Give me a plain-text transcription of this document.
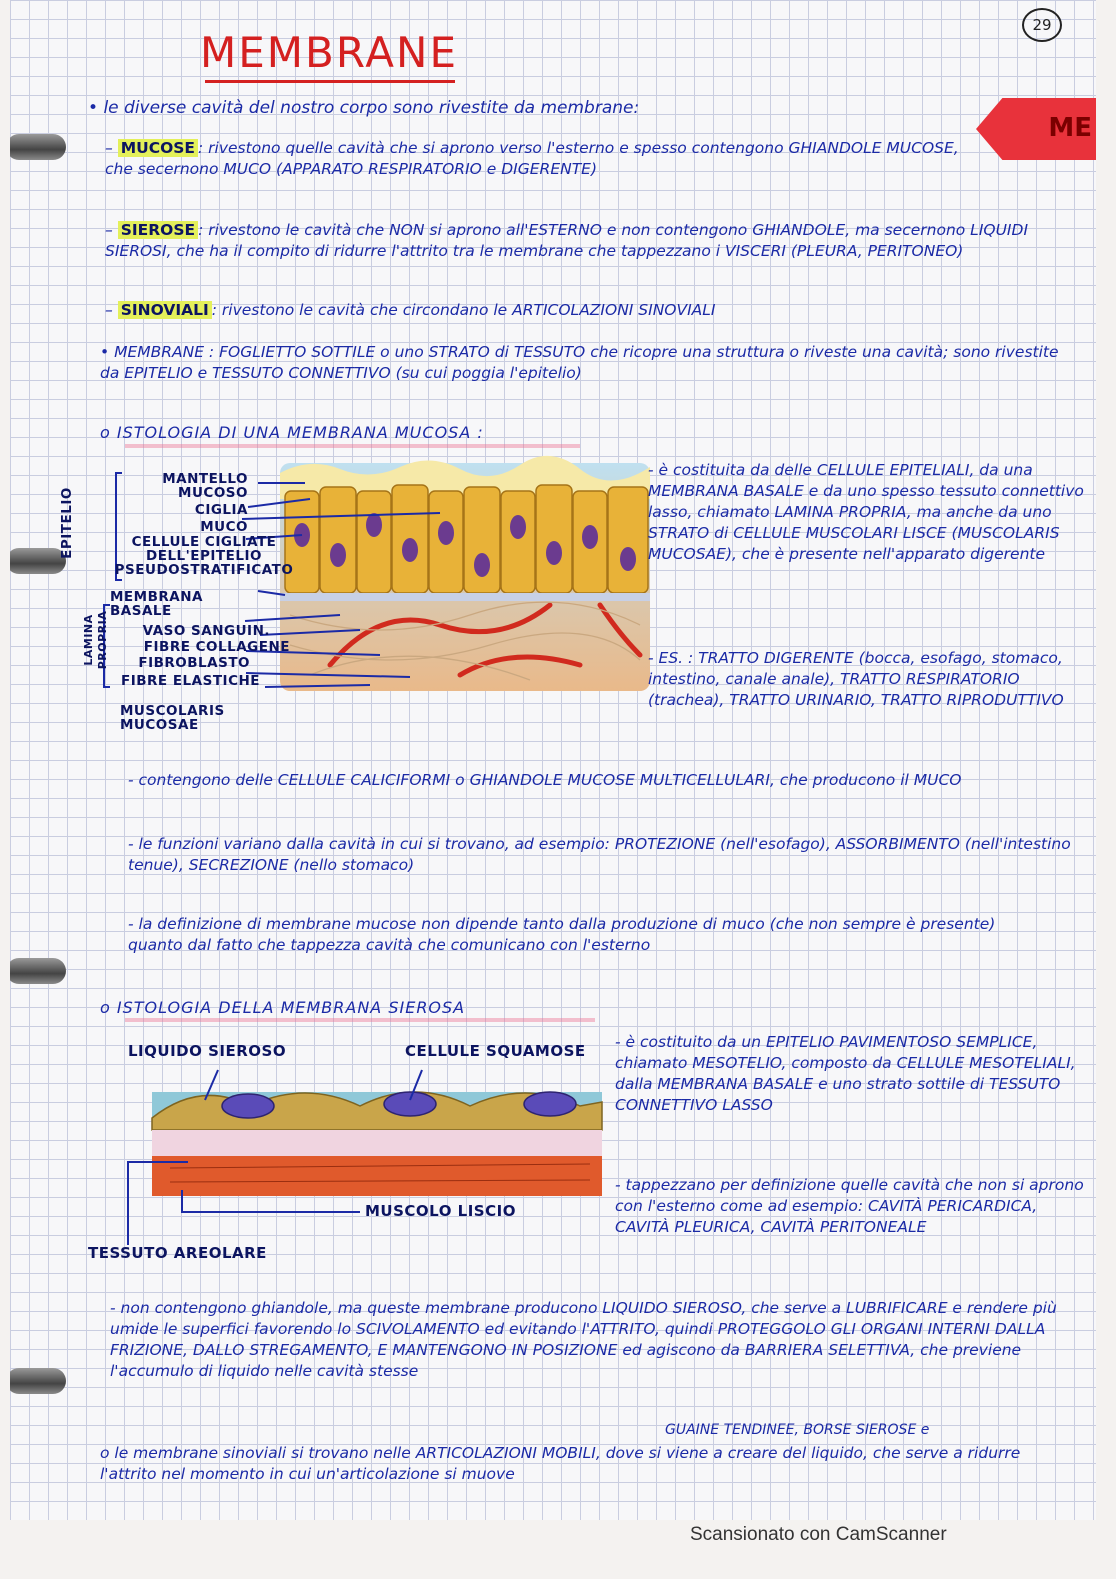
29
ME
MEMBRANE
• le diverse cavità del nostro corpo sono rivestite da membrane:
– MUCOSE : rivestono quelle cavità che si aprono verso l'esterno e spesso contengono GHIANDOLE MUCOSE, che secernono MUCO (APPARATO RESPIRATORIO e DIGERENTE)
– SIEROSE : rivestono le cavità che NON si aprono all'ESTERNO e non contengono GHIANDOLE, ma secernono LIQUIDI SIEROSI, che ha il compito di ridurre l'attrito tra le membrane che tappezzano i VISCERI (PLEURA, PERITONEO)
– SINOVIALI : rivestono le cavità che circondano le ARTICOLAZIONI SINOVIALI
• MEMBRANE : FOGLIETTO SOTTILE o uno STRATO di TESSUTO che ricopre una struttura o riveste una cavità; sono rivestite da EPITELIO e TESSUTO CONNETTIVO (su cui poggia l'epitelio)
o ISTOLOGIA DI UNA MEMBRANA MUCOSA :
MANTELLO MUCOSO
CIGLIA
MUCO
CELLULE CIGLIATE DELL'EPITELIO PSEUDOSTRATIFICATO
MEMBRANA BASALE
VASO SANGUIN.
FIBRE COLLAGENE
FIBROBLASTO
FIBRE ELASTICHE
MUSCOLARIS MUCOSAE
EPITELIO
LAMINA PROPRIA
- è costituita da delle CELLULE EPITELIALI, da una MEMBRANA BASALE e da uno spesso tessuto connettivo lasso, chiamato LAMINA PROPRIA, ma anche da uno STRATO di CELLULE MUSCOLARI LISCE (MUSCOLARIS MUCOSAE), che è presente nell'apparato digerente
- ES. : TRATTO DIGERENTE (bocca, esofago, stomaco, intestino, canale anale), TRATTO RESPIRATORIO (trachea), TRATTO URINARIO, TRATTO RIPRODUTTIVO
- contengono delle CELLULE CALICIFORMI o GHIANDOLE MUCOSE MULTICELLULARI, che producono il MUCO
- le funzioni variano dalla cavità in cui si trovano, ad esempio: PROTEZIONE (nell'esofago), ASSORBIMENTO (nell'intestino tenue), SECREZIONE (nello stomaco)
- la definizione di membrane mucose non dipende tanto dalla produzione di muco (che non sempre è presente) quanto dal fatto che tappezza cavità che comunicano con l'esterno
o ISTOLOGIA DELLA MEMBRANA SIEROSA
LIQUIDO SIEROSO	CELLULE SQUAMOSE
MUSCOLO LISCIO
TESSUTO AREOLARE
- è costituito da un EPITELIO PAVIMENTOSO SEMPLICE, chiamato MESOTELIO, composto da CELLULE MESOTELIALI, dalla MEMBRANA BASALE e uno strato sottile di TESSUTO CONNETTIVO LASSO
- tappezzano per definizione quelle cavità che non si aprono con l'esterno come ad esempio: CAVITÀ PERICARDICA, CAVITÀ PLEURICA, CAVITÀ PERITONEALE
- non contengono ghiandole, ma queste membrane producono LIQUIDO SIEROSO, che serve a LUBRIFICARE e rendere più umide le superfici favorendo lo SCIVOLAMENTO ed evitando l'ATTRITO, quindi PROTEGGOLO GLI ORGANI INTERNI DALLA FRIZIONE, DALLO STREGAMENTO, E MANTENGONO IN POSIZIONE ed agiscono da BARRIERA SELETTIVA, che previene l'accumulo di liquido nelle cavità stesse
GUAINE TENDINEE, BORSE SIEROSE e
o le membrane sinoviali si trovano nelle ARTICOLAZIONI MOBILI, dove si viene a creare del liquido, che serve a ridurre l'attrito nel momento in cui un'articolazione si muove
Scansionato con CamScanner
